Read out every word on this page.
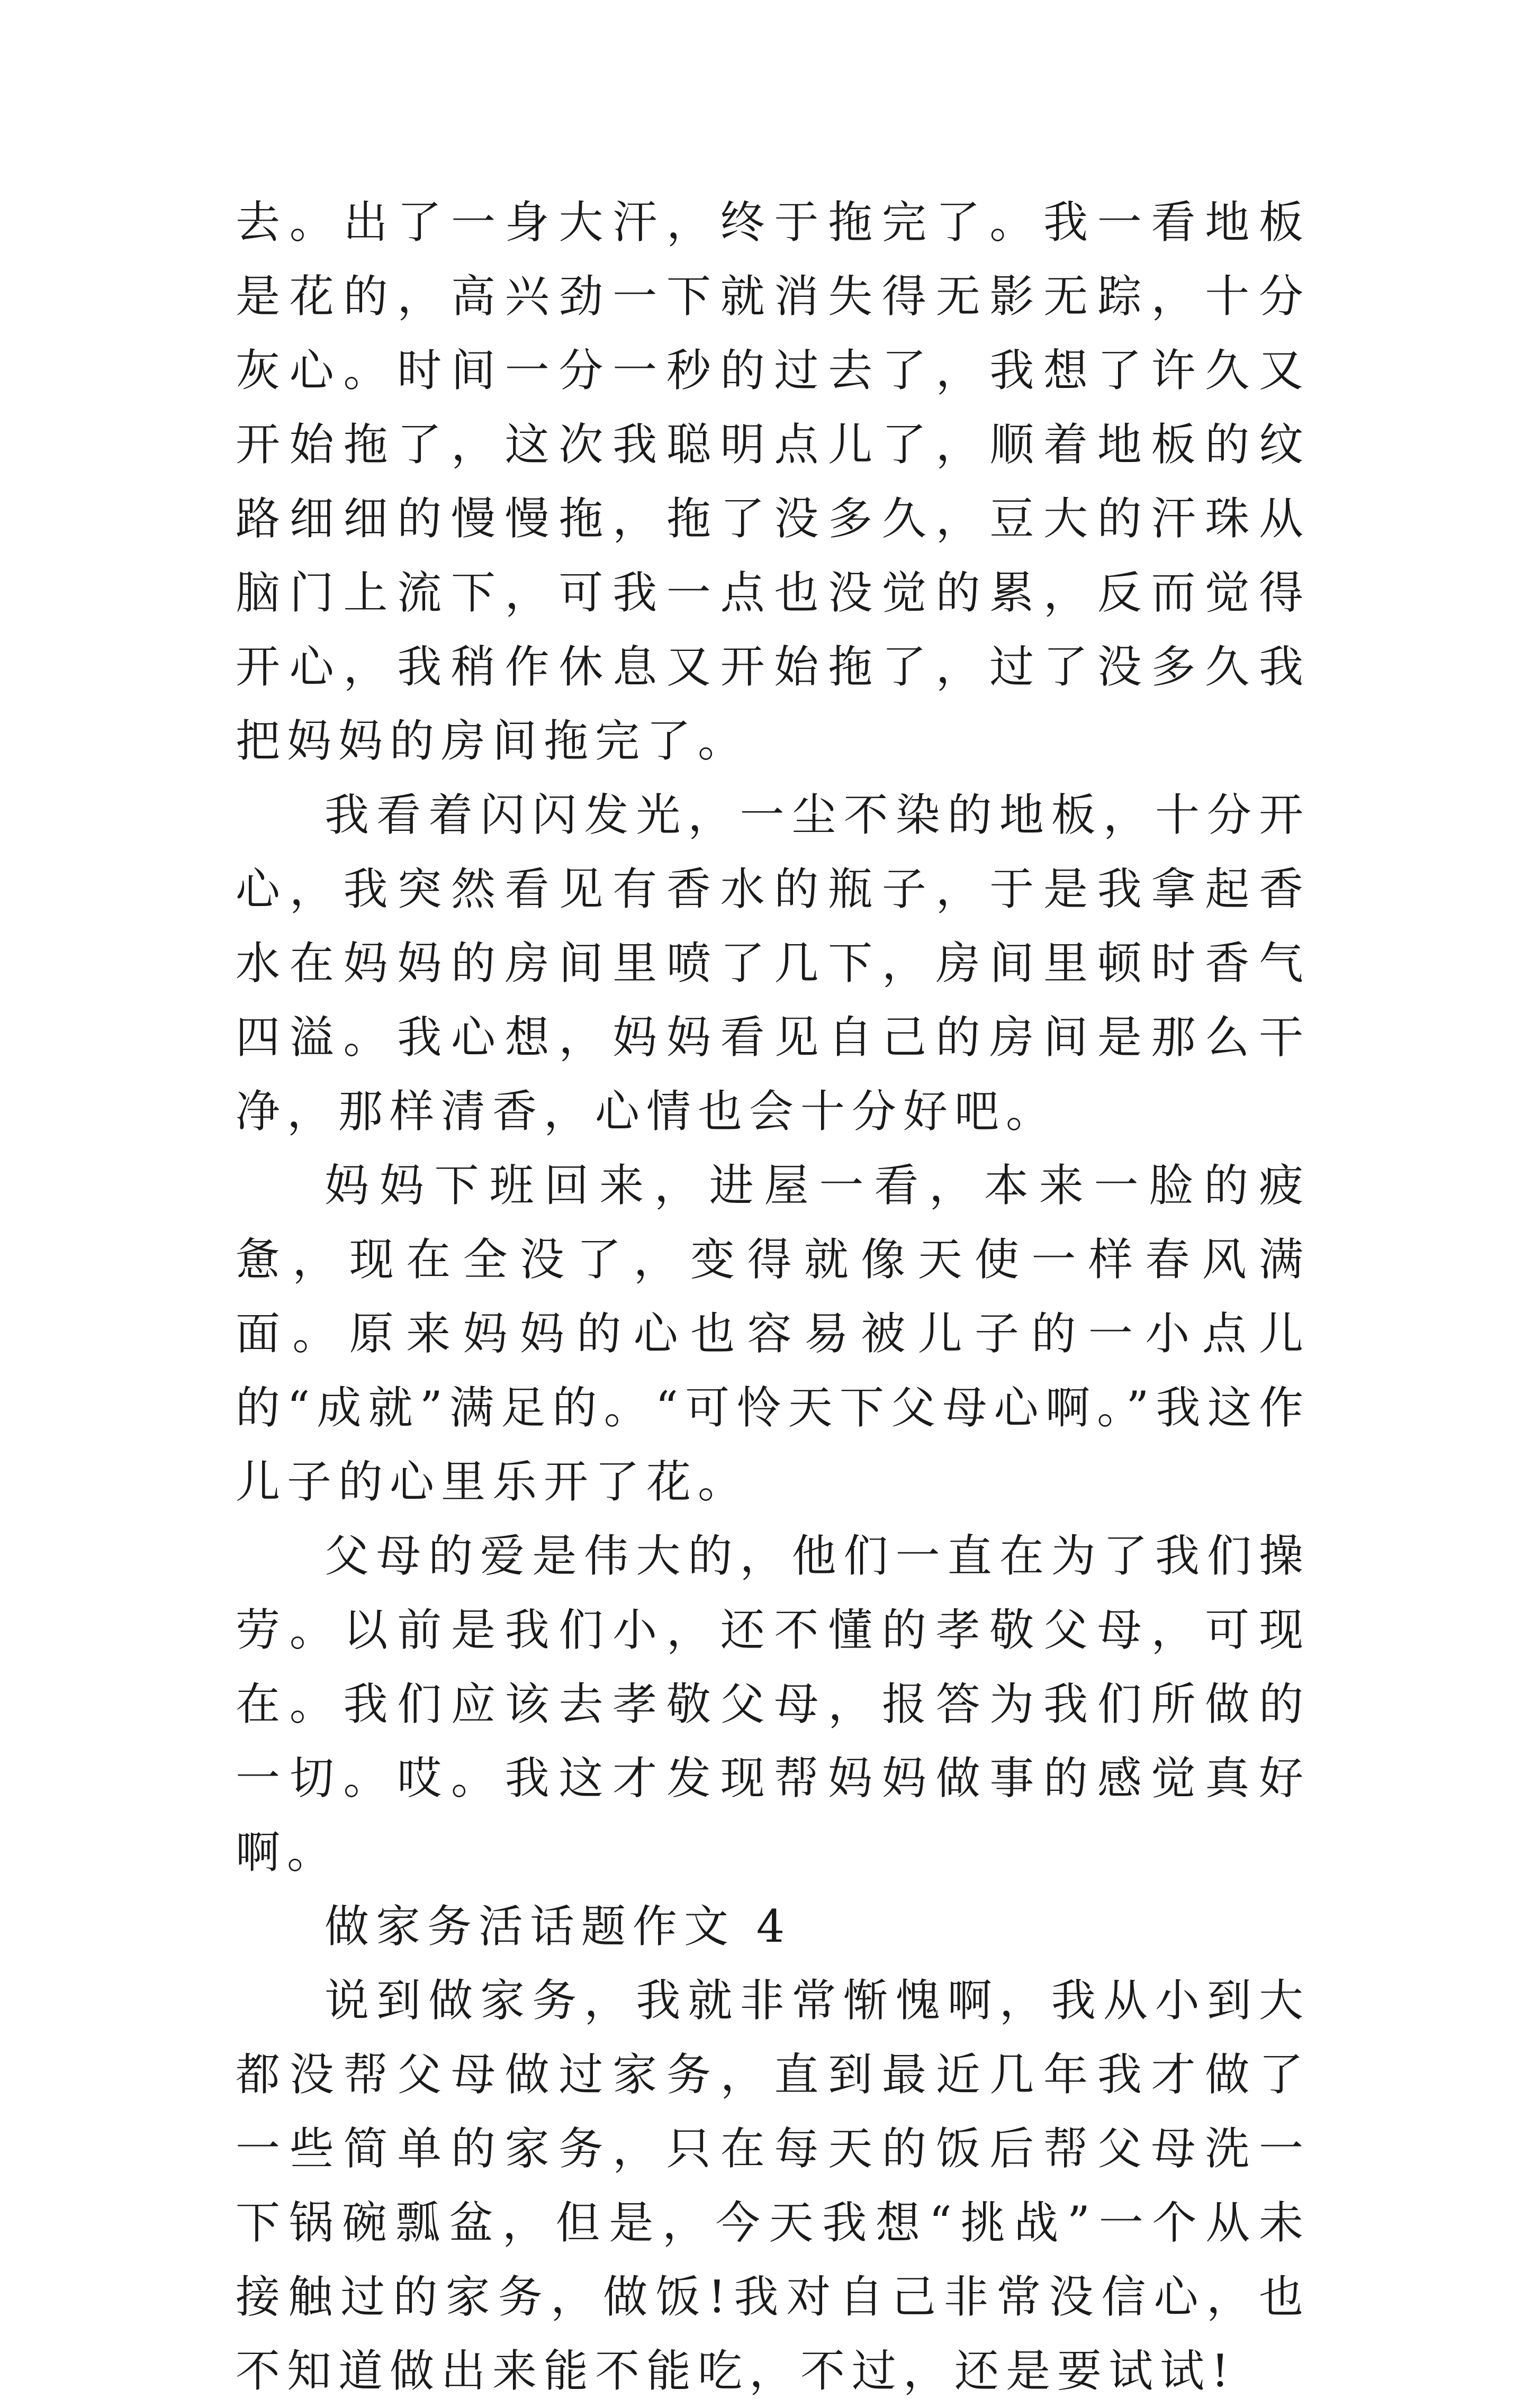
去。出了一身大汗，终于拖完了。我一看地板是花的，高兴劲一下就消失得无影无踪，十分灰心。时间一分一秒的过去了，我想了许久又开始拖了，这次我聪明点儿了，顺着地板的纹路细细的慢慢拖，拖了没多久，豆大的汗珠从脑门上流下，可我一点也没觉的累，反而觉得开心，我稍作休息又开始拖了，过了没多久我把妈妈的房间拖完了。

我看着闪闪发光，一尘不染的地板，十分开心，我突然看见有香水的瓶子，于是我拿起香水在妈妈的房间里喷了几下，房间里顿时香气四溢。我心想，妈妈看见自己的房间是那么干净，那样清香，心情也会十分好吧。

妈妈下班回来，进屋一看，本来一脸的疲惫，现在全没了，变得就像天使一样春风满面。原来妈妈的心也容易被儿子的一小点儿的“成就”满足的。“可怜天下父母心啊。”我这作儿子的心里乐开了花。

父母的爱是伟大的，他们一直在为了我们操劳。以前是我们小，还不懂的孝敬父母，可现在。我们应该去孝敬父母，报答为我们所做的一切。哎。我这才发现帮妈妈做事的感觉真好啊。

做家务活话题作文 4

说到做家务，我就非常惭愧啊，我从小到大都没帮父母做过家务，直到最近几年我才做了一些简单的家务，只在每天的饭后帮父母洗一下锅碗瓢盆，但是，今天我想“挑战”一个从未接触过的家务，做饭!我对自己非常没信心，也不知道做出来能不能吃，不过，还是要试试!
